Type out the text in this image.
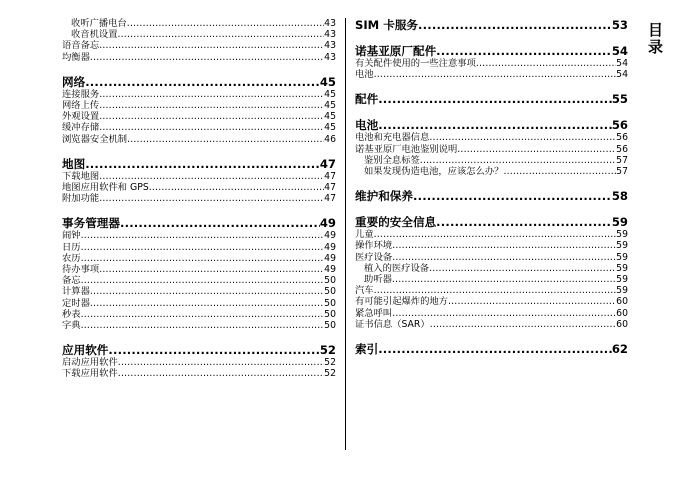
收听广播电台 .....	43
收音机设置 .....	43
语音备忘 .....	43
均衡器 .....	43
网络 .....	45
连接服务 .....	45
网络上传 .....	45
外观设置 .....	45
缓冲存储 .....	45
浏览器安全机制 .....	46
地图 .....	47
下载地图 .....	47
地图应用软件和 GPS .....	47
附加功能 .....	47
事务管理器 .....	49
闹钟 .....	49
日历 .....	49
农历 .....	49
待办事项 .....	49
备忘 .....	50
计算器 .....	50
定时器 .....	50
秒表 .....	50
字典 .....	50
应用软件 .....	52
启动应用软件 .....	52
下载应用软件 .....	52
SIM 卡服务 .....	53
诺基亚原厂配件 .....	54
有关配件使用的一些注意事项 .....	54
电池 .....	54
配件 .....	55
电池 .....	56
电池和充电器信息 .....	56
诺基亚原厂电池鉴别说明 .....	56
鉴别全息标签 .....	57
如果发现伪造电池，应该怎么办？ .....	57
维护和保养 .....	58
重要的安全信息 .....	59
儿童 .....	59
操作环境 .....	59
医疗设备 .....	59
植入的医疗设备 .....	59
助听器 .....	59
汽车 .....	59
有可能引起爆炸的地方 .....	60
紧急呼叫 .....	60
证书信息（SAR） .....	60
索引 .....	62
目录
